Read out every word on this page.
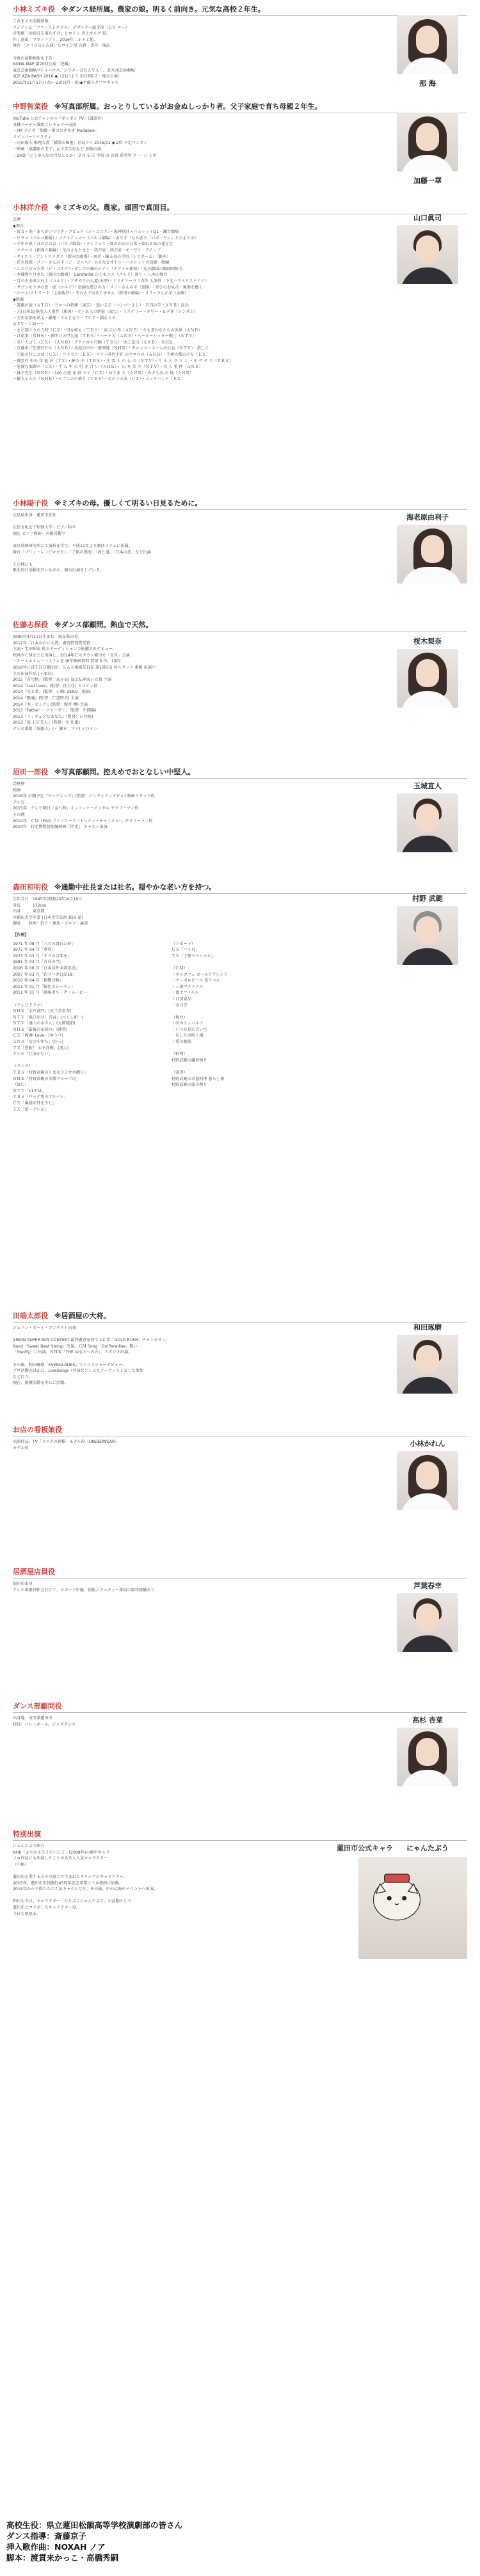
小林ミズキ役 ※ダンス経所属。農家の娘。明るく前向き。元気な高校２年生。
これまでの活動情報：
フジテレビ「ファーストクラス」 デザイナー助手役（ＧＶ ロー）
音楽劇「お姉ぼん落ちすけ」ヒロイン 川上オルグ 役、
作 / 演出：マキノノゾミ、2016年二ホト工他、
舞台 「エリゴ吉小吉演」ヒロイン役 宍倉・崇作・演出

今後の活動情報＆予告：
NODA MAP 第20回公演「逆鱗」
東京芸術劇場プレイハウス、シアターＢＲＡＶＡ！、北九州芸術劇場
東京 AZA RASH 2016 ◆（21日より 2016年２・地方公演）
2015年11月17日(火)〜23日(月・祝)◆主催スタプロキャス	那 海
中野智菜役 ※写真部所属。おっとりしているがお金ぬしっかり者。父子家庭で育ち母親２年生。
YouTube 公式チャンネル「ボンボン TV」(講談社)
各種コーナー番組にレギュラー出演
・FM ラジオ「加藤一華のときめき Mudabee」
メインパーソナリティ
・内田康夫 推理大賞「橋梁の秘密」社長アイ 2016/11 ◆ 2位 予定ロンオン
・映画「孫講座の玉子」女子学生役など 多数出演
・DVD「どうゆんなの円なんとか」 3 月 5 日 中旬 ほ 言部 前名年 ウ 一 ン トオ
加藤一華
小林洋介役 ※ミズキの父。農家。頑固で真面目。
芸歴
◆舞台
・夜叉ヶ池・まちがいつづき・コピュリ（ジ・ゴニス）・海神別荘・ハムレットQ1・瀬音劇場
・ピサロ（パルコ劇場）・ゴウトインゴー（パルコ劇場）・ありす（なかぎり「バボ・ヤレ」と日よとお）
・千年の夜・ぽの音の音（パルコ劇場）・ドレフュス・師のかわの日常・館れるあの花など
・マクベス（新国立劇場）・足のよなとまと・我が家・我が家・モーゼイ・テイップ
・サイエス・アンドロメダス（新国立劇場）・南芹・輪る母の手切（シアターＸ）〔脚本〕
・花火問題・メリーさんの羊（ジ・ゴニス）・小さなビオトル・ハムレットの前線一物編
・ふたりだった者（ジ・ゴルグ）・ボンコの秘のシティ（テアトル新宿）・光川劇場の劇団同好会
・本郷物りけきた（新国立劇場）・Lanstellar の上モニス（コルド）通り・ 八木山舞台
・月の古き砂と石土（コルド）・アサガクの大道(天理)・ミステリーラフ舎作 大事件（下北ハウスリストアミ）
・ザブンモラタの恋・庭（コルド）・危険な遊びの方・メリーさんの羊（裏開）・ぜひのお見合・後楽を撫く
・ホーム/ストリート（上演版Ｂ）・その人ではありません（新国立劇場）・メリーさんの羊（金崎）
◆映像
・遊戯の彼（ＡＴＧ）・ゼロへの指揮（東宝）・追い去る（バンパーよし）・月刊の羊（ＡＮＢ）ほか
・元(日本島)無名人人事件（新国）・ホドＲ人の新宿（東宝）・ミステリー・タワー・ビデオ（ランダム）
・玉虫帝部を結ぶ・羅連・さんじなり・ＴＣＦ・鎖なりる
◎ＴＶ・ＣＭ＋＋
・まだ遂りりの５時（ＣＸ）・可な組も（ＴＢＳ）・泉 正の母（ＡＮＢ）・さもぎわなたちの世界（ＡＮＢ）
・は私事（ＮＨＫ）・夜明けの伊九尾（ＴＢＳ）・ハートＸ（ＡＮＢ）・ベービーシッター戦士（ＮＴＶ）
・若い人ゴミ（ＥＸ）・（ＡＮＢ）・テクニカル行動（ＴＢＳ）・めこ夏目（ＡＮＢ）・ＮＨＫ
・京藤栄ご先発行ビル（ＡＮＢ）・あ紀の中の一般楽地（ＮＨＫ）・キャッツ・ホームの公益（ＮＴＶ）・殺して
・引退の行ことは（ＣＸ）・フラゼニ（ＥＸ）・フリー時代不祥 のフロスの（ＡＮＢ）・不夢の都の声を（ＥＸ）
・戦雲作 中の 年 夏 の（ＴＸ）・夢の 中（ＴＢＳ）・主 雪 人 の も の（ＮＴＶ）・ウ ル ト ラ マ ン ・ネ ク サ ス（ＴＢＳ）
・危険な取調べ（ＣＸ）・十 五 年 の 付 き 合 い（ＮＨＫ）・ 日 本 な り（ＮＴＶ）・大 人 事 件（ＡＮＢ）
・鉢子先生（ＮＨＫ）・100 の恋 を 持 ちて（ＣＸ）・ゆうき と（ＡＮＢ）・みずうみ の 地（ＡＮＢ）
・輪ちゃんた（ＮＨＫ）・セブンの日乗り（ＴＢＳ）・ピピンの本（ＣＸ）・ゴッドハンド（ＥＸ）
山口眞司
小林陽子役 ※ミズキの母。優しくて明るい日見るために。
広島県出身　蓮田市在住

広島文化女子短期大学・ピアノ科卒
現在 ピアノ教師・声優活動中

東京放映研究所にて演技を学び、平成12年より劇団イリュに所属。
舞台「プリューレ（ピカピカ）」「子供の領海」「海と道」「日本の悲」など出演

その他にも
歌を得け活動を行いながら、舞台出演をしている。
海老原由利子
佐藤志保役 ※ダンス部顧問。熱血で天然。
1990年4月11日生まれ　岐阜県出身。
2012年「日本かわい大賞」審査特別賞受賞
主演・宅田昭宏 役Ｅオーディションで抜擢されデビュー。
映画やＣＭなどに出演し、2014年にはタカシ原田を「星星」公演
・オールネイム・ハストムを (8年映画資料 賞部 5 位、100)
2016年にはＴＨＢ劇団が、ＳＡＳ番組ＮＨＫ 第1部の5 位スタッフ 番組 出演中
主な出演作品 (・深谷)
2015『青宝物』(監督：高ル長) 崖と伝承めいた役 主演
2014『Last Love』(監督：住吉仕) ヒロイン役
2014『光と希』(監督：小堀) ZERO　助演:
2014『歌魂』(監督：仁道時夫) 主演
2014『木・ピンク』(監督：堤晋 堺) 主演
2013『Father ～ ファーザー』(監督：中間陽)
2013『フィギュアなあなた』(監督：石井隆)
2013『旅 ＬＵ美人』(監督：斗 仕雄)
テレビ番組『演劇人』(・ 脚本：マイ) ヒロイン
桜木梨奈
沼田一郎役 ※写真部顧問。控えめでおとなしい中堅人。
芸歴歴
映画
2016年 公開予定『ビッグエッグ』(監督：ピンクとアンドビル) 映画スタッフ役
テレビ
2015年　テレビ朝日「金九時」インフィナーインタル サラリーマン役
その他
2014年　ＣＭ「F&G ファンワーズ（トレイン・チャンネル）」サラリーマン役
2014年　行定勲監督短編映画「閃光」 キャスト出演
玉城直人
森田和明役 ※通勤中社長または社名。穏やかな老い方を持つ。
生年月日　1945年(昭和20年)4月19日
身長　　　172cm
出身　　　東京都
早稲田大学卒業 (日本大学芸術 鉱国 単)
趣味　　料理・釣り・乗馬・ゴルフ・麻雀
【作歴】
1971 年 08 月「八月の濡れた砂」
1972 年 04 月「華炎」
1973 年 03 月「オラの音楽を」
1981 年 03 月「青春の門」
2006 年 06 月「日本以外全部沈没」
2007 年 03 月「釣りバカ日誌18」
2010 年 04 月「猿蟹合戦」
2011 年 01 月「銀色のシーズン」
2011 年 11 月「劇場ボス・ザ・ムービー」

（テレビドラマ）
ＮＨＫ「水戸黄門」(天下若年寄)
ＮＴＶ「飛び出せ！青春」(つくし新一)
ＮＴＶ「遠山の金さん」(大岡越前)
ＮＨＫ「最後の家族の」(浦賀)
ＣＸ「With Love」(ゆうべ)
ＡＮＢ「女の中年ち」(庄三)
ＴＸ「逆転！ 太平洋戦」(浪人)
テレビ「仕方がない」

（ラジオ）
ＴＢＳ「村野武範のくまなラジオ木曜日」
ＮＨＫ「村野武範の木曜グループの」
（ＭＣ）
ＮＴＶ「11ＰＭ」
ＴＢＳ「ロッテ歌のアルバム」
ＣＸ「奥様お耳を少し」
ＴＸ「愛・テレビ」
（リポート）
ＣＸ「ハイ丸」
ＴＸ「土曜スペシャル」

（ＣＭ）
・ネスカフェ ゴールドブレンド
・サッポロビール 黒ラベル
・三菱マテリアル
・富士フイルム
・日清食品
・全日空

（舞台）
・冬のシュバルツ
・いつか見た青い空
・あしたは吹く風
・愛の劇場

（料理）
村野武範の鎌倉便り

（著書）
村野武範の幸福料理 暮らし術
村野武範の旅の便り
村野 武範
田端太郎役 ※居酒屋の大将。
ジュノン・ボーイ・コンテスト出身。

JUNON SUPER BOY CONTEST 最終審査を経て CX 系「GOLD RUSH」チャンピオン。
Band「Sweet Beat Swing」所属、ＣＭ Song「Go!Paradise」歌い
「Swoffy」に出演。ＮＨＫ「THE ぬもとへの方」、スタジオ出演。

その後、和田琢磨「EVERGLADES」でソロメジャーデビュー。
プロ活動のほかに、LiveSongs（共演など）にもアーティストとして参加
など行う。
現在、俳優活動を中心に活動。
和田琢磨
お店の看板娘役
出演作品：TV「ラスタの神様」モデル役（UNDERWEAR）
モデル役
小林かれん
居酒屋店員役
福田市出身
テレビ番組制作会社にて、スポーツ中継、情報バラエティー番組の制作経験あり
芦葉春幸
ダンス部顧問役
出身地：埼玉県蓮田市
特技：バレーボール、ジャズダンス
高杉 杏菜
特別出演
にゃんたぶう紹介
NHK「ふりかえろうたいしご」(2008年)の劇中キャラ
ソロ作品にも出演したことのある大人気キャラクター
（中略）

蓮田市を愛する方々の協力で生まれたオリジナルキャラクター。
2015年、蓮田市市制施行45周年記念事業にて本格的に始動。
2015年から子供たちの人気キャラとなり、その後、市の広報やイベントへ出演。

和田も今は、キャラクター「ひとぶくにゃんたぶう」の活動として
蓮田市とコラボしたキャラクター役。
今日も頑張る。
蓮田市公式キャラ	にゃんたぶう
高校生役：県立蓮田松韻高等学校演劇部の皆さん
ダンス指導：斎藤京子
挿入歌作曲：NOXAH ノア
脚本：渡貫来かっこ・高橋秀嗣
